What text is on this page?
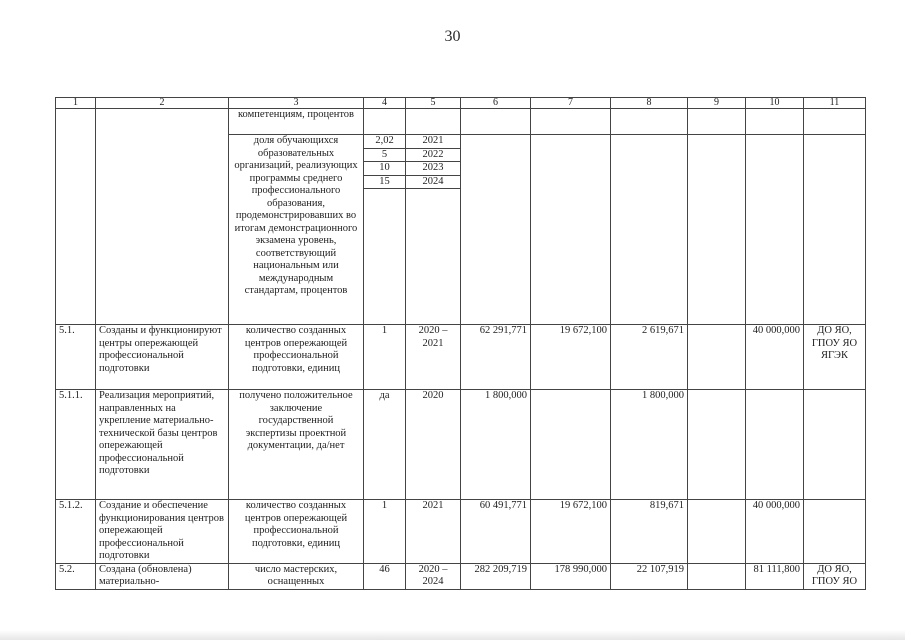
30
1	2	3	4	5	6	7	8	9	10	11
		компетенциям, процентов								
		доля обучающихся образовательных организаций, реализующих программы среднего профессионального образования, продемонстрировавших во итогам демонстрационного экзамена уровень, соответствующий национальным или международным стандартам, процентов	2,02	2021						
			5	2022						
			10	2023						
			15	2024						

5.1.	Созданы и функционируют центры опережающей профессиональной подготовки	количество созданных центров опережающей профессиональной подготовки, единиц	1	2020 – 2021	62 291,771	19 672,100	2 619,671		40 000,000	ДО ЯО, ГПОУ ЯО ЯГЭК
5.1.1.	Реализация мероприятий, направленных на укрепление материально-технической базы центров опережающей профессиональной подготовки	получено положительное заключение государственной экспертизы проектной документации, да/нет	да	2020	1 800,000		1 800,000			
5.1.2.	Создание и обеспечение функционирования центров опережающей профессиональной подготовки	количество созданных центров опережающей профессиональной подготовки, единиц	1	2021	60 491,771	19 672,100	819,671		40 000,000	
5.2.	Создана (обновлена) материально-	число мастерских, оснащенных	46	2020 – 2024	282 209,719	178 990,000	22 107,919		81 111,800	ДО ЯО, ГПОУ ЯО
